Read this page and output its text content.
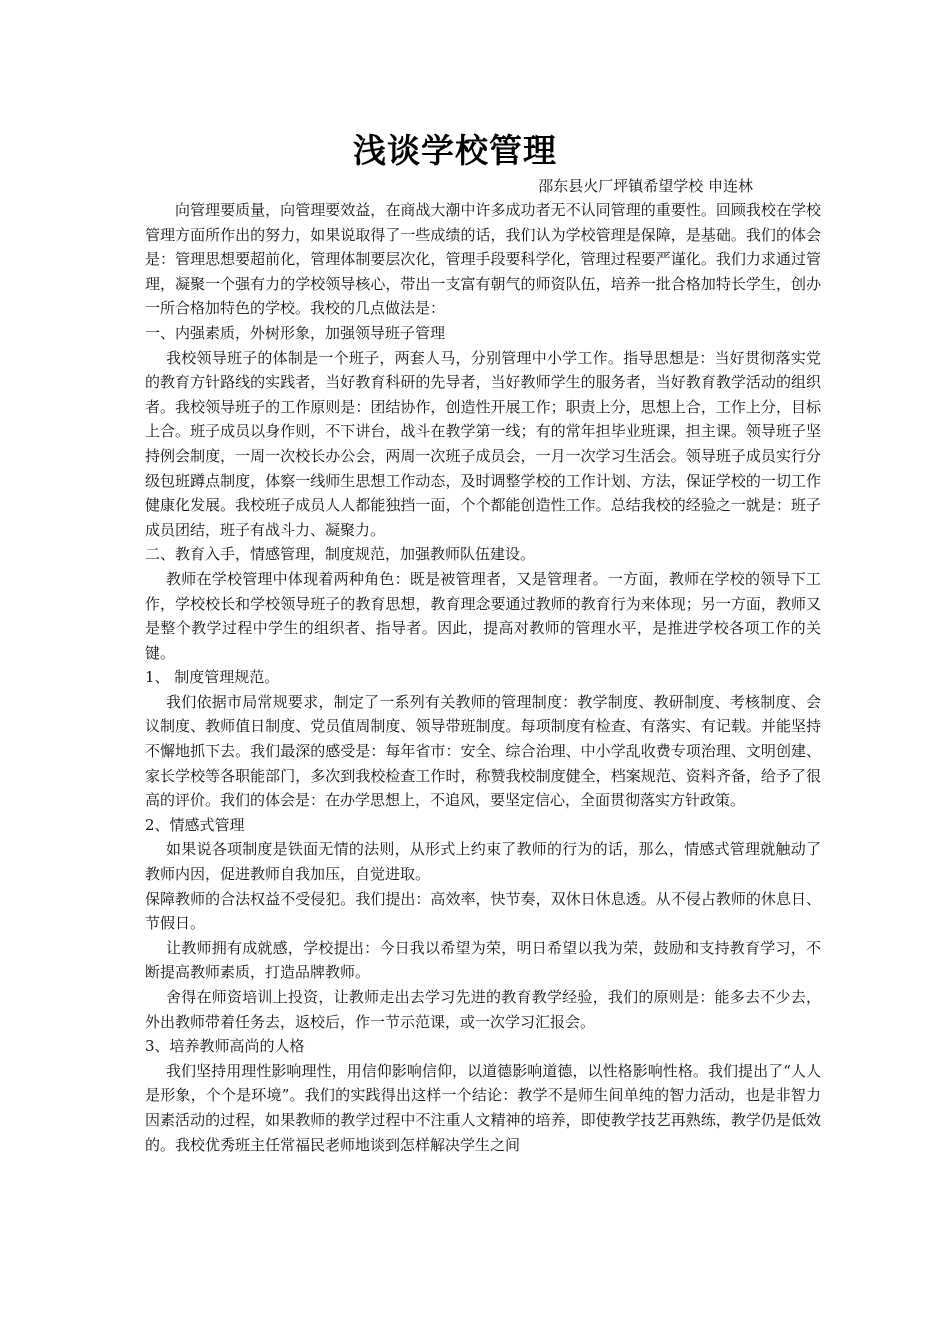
浅谈学校管理

邵东县火厂坪镇希望学校 申连林

向管理要质量，向管理要效益，在商战大潮中许多成功者无不认同管理的重要性。回顾我校在学校管理方面所作出的努力，如果说取得了一些成绩的话，我们认为学校管理是保障，是基础。我们的体会是：管理思想要超前化，管理体制要层次化，管理手段要科学化，管理过程要严谨化。我们力求通过管理，凝聚一个强有力的学校领导核心，带出一支富有朝气的师资队伍，培养一批合格加特长学生，创办一所合格加特色的学校。我校的几点做法是：

一、内强素质，外树形象，加强领导班子管理

我校领导班子的体制是一个班子，两套人马，分别管理中小学工作。指导思想是：当好贯彻落实党的教育方针路线的实践者，当好教育科研的先导者，当好教师学生的服务者，当好教育教学活动的组织者。我校领导班子的工作原则是：团结协作，创造性开展工作；职责上分，思想上合，工作上分，目标上合。班子成员以身作则，不下讲台，战斗在教学第一线；有的常年担毕业班课，担主课。领导班子坚持例会制度，一周一次校长办公会，两周一次班子成员会，一月一次学习生活会。领导班子成员实行分级包班蹲点制度，体察一线师生思想工作动态，及时调整学校的工作计划、方法，保证学校的一切工作健康化发展。我校班子成员人人都能独挡一面，个个都能创造性工作。总结我校的经验之一就是：班子成员团结，班子有战斗力、凝聚力。

二、教育入手，情感管理，制度规范，加强教师队伍建设。

教师在学校管理中体现着两种角色：既是被管理者，又是管理者。一方面，教师在学校的领导下工作，学校校长和学校领导班子的教育思想，教育理念要通过教师的教育行为来体现；另一方面，教师又是整个教学过程中学生的组织者、指导者。因此，提高对教师的管理水平，是推进学校各项工作的关键。

1、 制度管理规范。

我们依据市局常规要求，制定了一系列有关教师的管理制度：教学制度、教研制度、考核制度、会议制度、教师值日制度、党员值周制度、领导带班制度。每项制度有检查、有落实、有记载。并能坚持不懈地抓下去。我们最深的感受是：每年省市：安全、综合治理、中小学乱收费专项治理、文明创建、家长学校等各职能部门，多次到我校检查工作时，称赞我校制度健全，档案规范、资料齐备，给予了很高的评价。我们的体会是：在办学思想上，不追风，要坚定信心，全面贯彻落实方针政策。

2、情感式管理

如果说各项制度是铁面无情的法则，从形式上约束了教师的行为的话，那么，情感式管理就触动了教师内因，促进教师自我加压，自觉进取。

保障教师的合法权益不受侵犯。我们提出：高效率，快节奏，双休日休息透。从不侵占教师的休息日、节假日。

让教师拥有成就感，学校提出：今日我以希望为荣，明日希望以我为荣，鼓励和支持教育学习，不断提高教师素质，打造品牌教师。

舍得在师资培训上投资，让教师走出去学习先进的教育教学经验，我们的原则是：能多去不少去，外出教师带着任务去，返校后，作一节示范课，或一次学习汇报会。

3、培养教师高尚的人格

我们坚持用理性影响理性，用信仰影响信仰，以道德影响道德，以性格影响性格。我们提出了“人人是形象，个个是环境”。我们的实践得出这样一个结论：教学不是师生间单纯的智力活动，也是非智力因素活动的过程，如果教师的教学过程中不注重人文精神的培养，即使教学技艺再熟练，教学仍是低效的。我校优秀班主任常福民老师地谈到怎样解决学生之间
